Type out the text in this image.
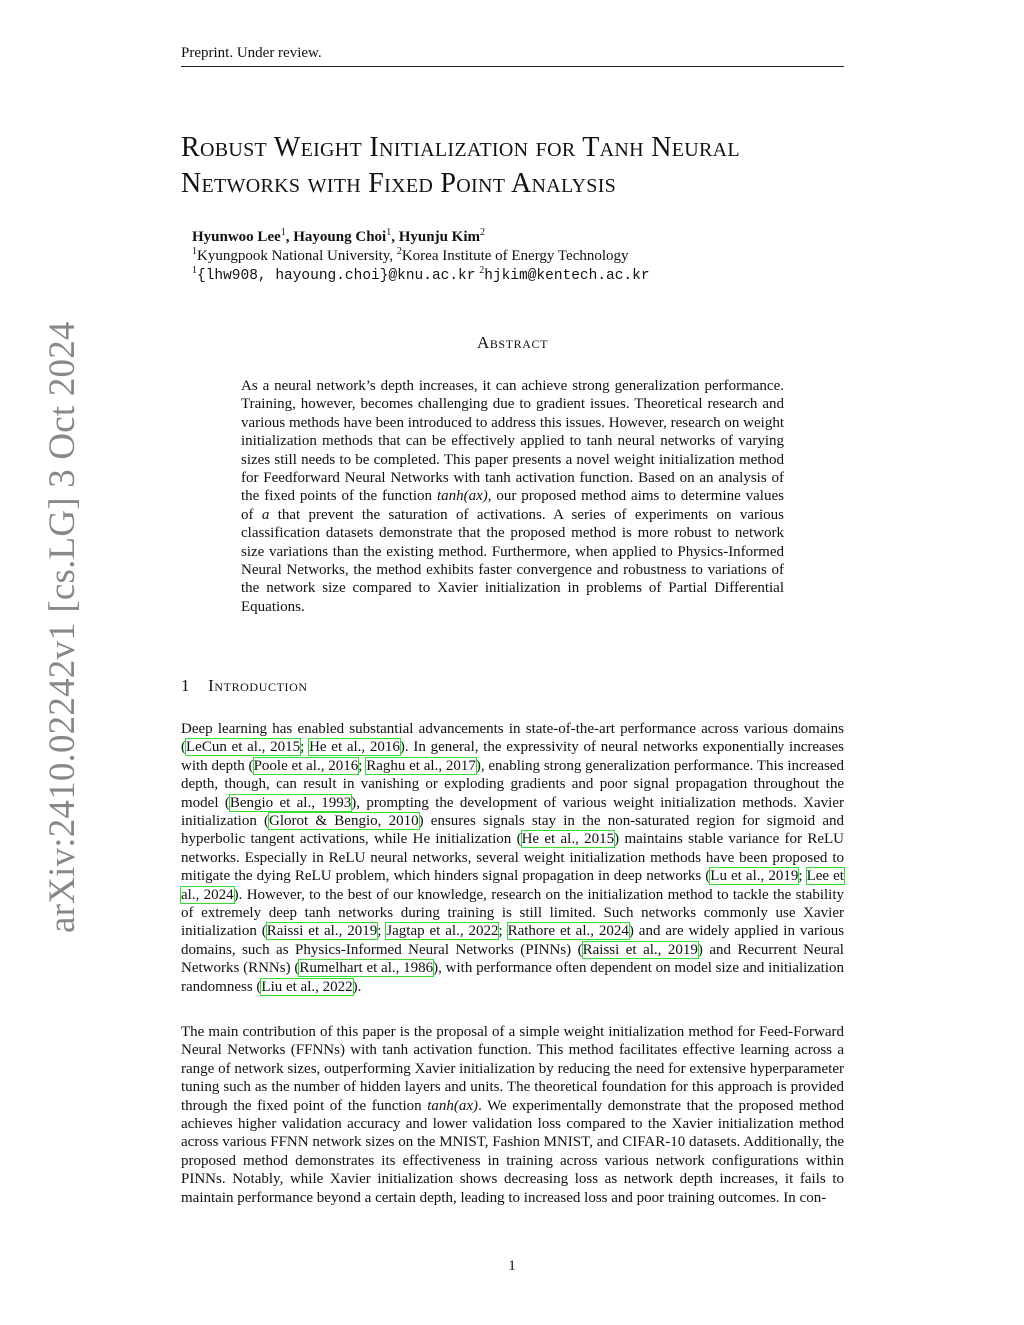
Preprint. Under review.
arXiv:2410.02242v1 [cs.LG] 3 Oct 2024
Robust Weight Initialization for Tanh Neural Networks with Fixed Point Analysis
Hyunwoo Lee$^1$, Hayoung Choi$^1$, Hyunju Kim$^2$
$^1$Kyungpook National University, $^2$Korea Institute of Energy Technology
$^1${lhw908, hayoung.choi}@knu.ac.kr $^2$hjkim@kentech.ac.kr
Abstract

As a neural network’s depth increases, it can achieve strong generalization performance. Training, however, becomes challenging due to gradient issues. Theoretical research and various methods have been introduced to address this issues. However, research on weight initialization methods that can be effectively applied to tanh neural networks of varying sizes still needs to be completed. This paper presents a novel weight initialization method for Feedforward Neural Networks with tanh activation function. Based on an analysis of the fixed points of the function tanh(ax), our proposed method aims to determine values of a that prevent the saturation of activations. A series of experiments on various classification datasets demonstrate that the proposed method is more robust to network size variations than the existing method. Furthermore, when applied to Physics-Informed Neural Networks, the method exhibits faster convergence and robustness to variations of the network size compared to Xavier initialization in problems of Partial Differential Equations.

1 Introduction

Deep learning has enabled substantial advancements in state-of-the-art performance across various domains (LeCun et al., 2015; He et al., 2016). In general, the expressivity of neural networks exponentially increases with depth (Poole et al., 2016; Raghu et al., 2017), enabling strong generalization performance. This increased depth, though, can result in vanishing or exploding gradients and poor signal propagation throughout the model (Bengio et al., 1993), prompting the development of various weight initialization methods. Xavier initialization (Glorot & Bengio, 2010) ensures signals stay in the non-saturated region for sigmoid and hyperbolic tangent activations, while He initialization (He et al., 2015) maintains stable variance for ReLU networks. Especially in ReLU neural networks, several weight initialization methods have been proposed to mitigate the dying ReLU problem, which hinders signal propagation in deep networks (Lu et al., 2019; Lee et al., 2024). However, to the best of our knowledge, research on the initialization method to tackle the stability of extremely deep tanh networks during training is still limited. Such networks commonly use Xavier initialization (Raissi et al., 2019; Jagtap et al., 2022; Rathore et al., 2024) and are widely applied in various domains, such as Physics-Informed Neural Networks (PINNs) (Raissi et al., 2019) and Recurrent Neural Networks (RNNs) (Rumelhart et al., 1986), with performance often dependent on model size and initialization randomness (Liu et al., 2022).

The main contribution of this paper is the proposal of a simple weight initialization method for Feed-Forward Neural Networks (FFNNs) with tanh activation function. This method facilitates effective learning across a range of network sizes, outperforming Xavier initialization by reducing the need for extensive hyperparameter tuning such as the number of hidden layers and units. The theoretical foundation for this approach is provided through the fixed point of the function tanh(ax). We experimentally demonstrate that the proposed method achieves higher validation accuracy and lower validation loss compared to the Xavier initialization method across various FFNN network sizes on the MNIST, Fashion MNIST, and CIFAR-10 datasets. Additionally, the proposed method demonstrates its effectiveness in training across various network configurations within PINNs. Notably, while Xavier initialization shows decreasing loss as network depth increases, it fails to maintain performance beyond a certain depth, leading to increased loss and poor training outcomes. In con-

1
